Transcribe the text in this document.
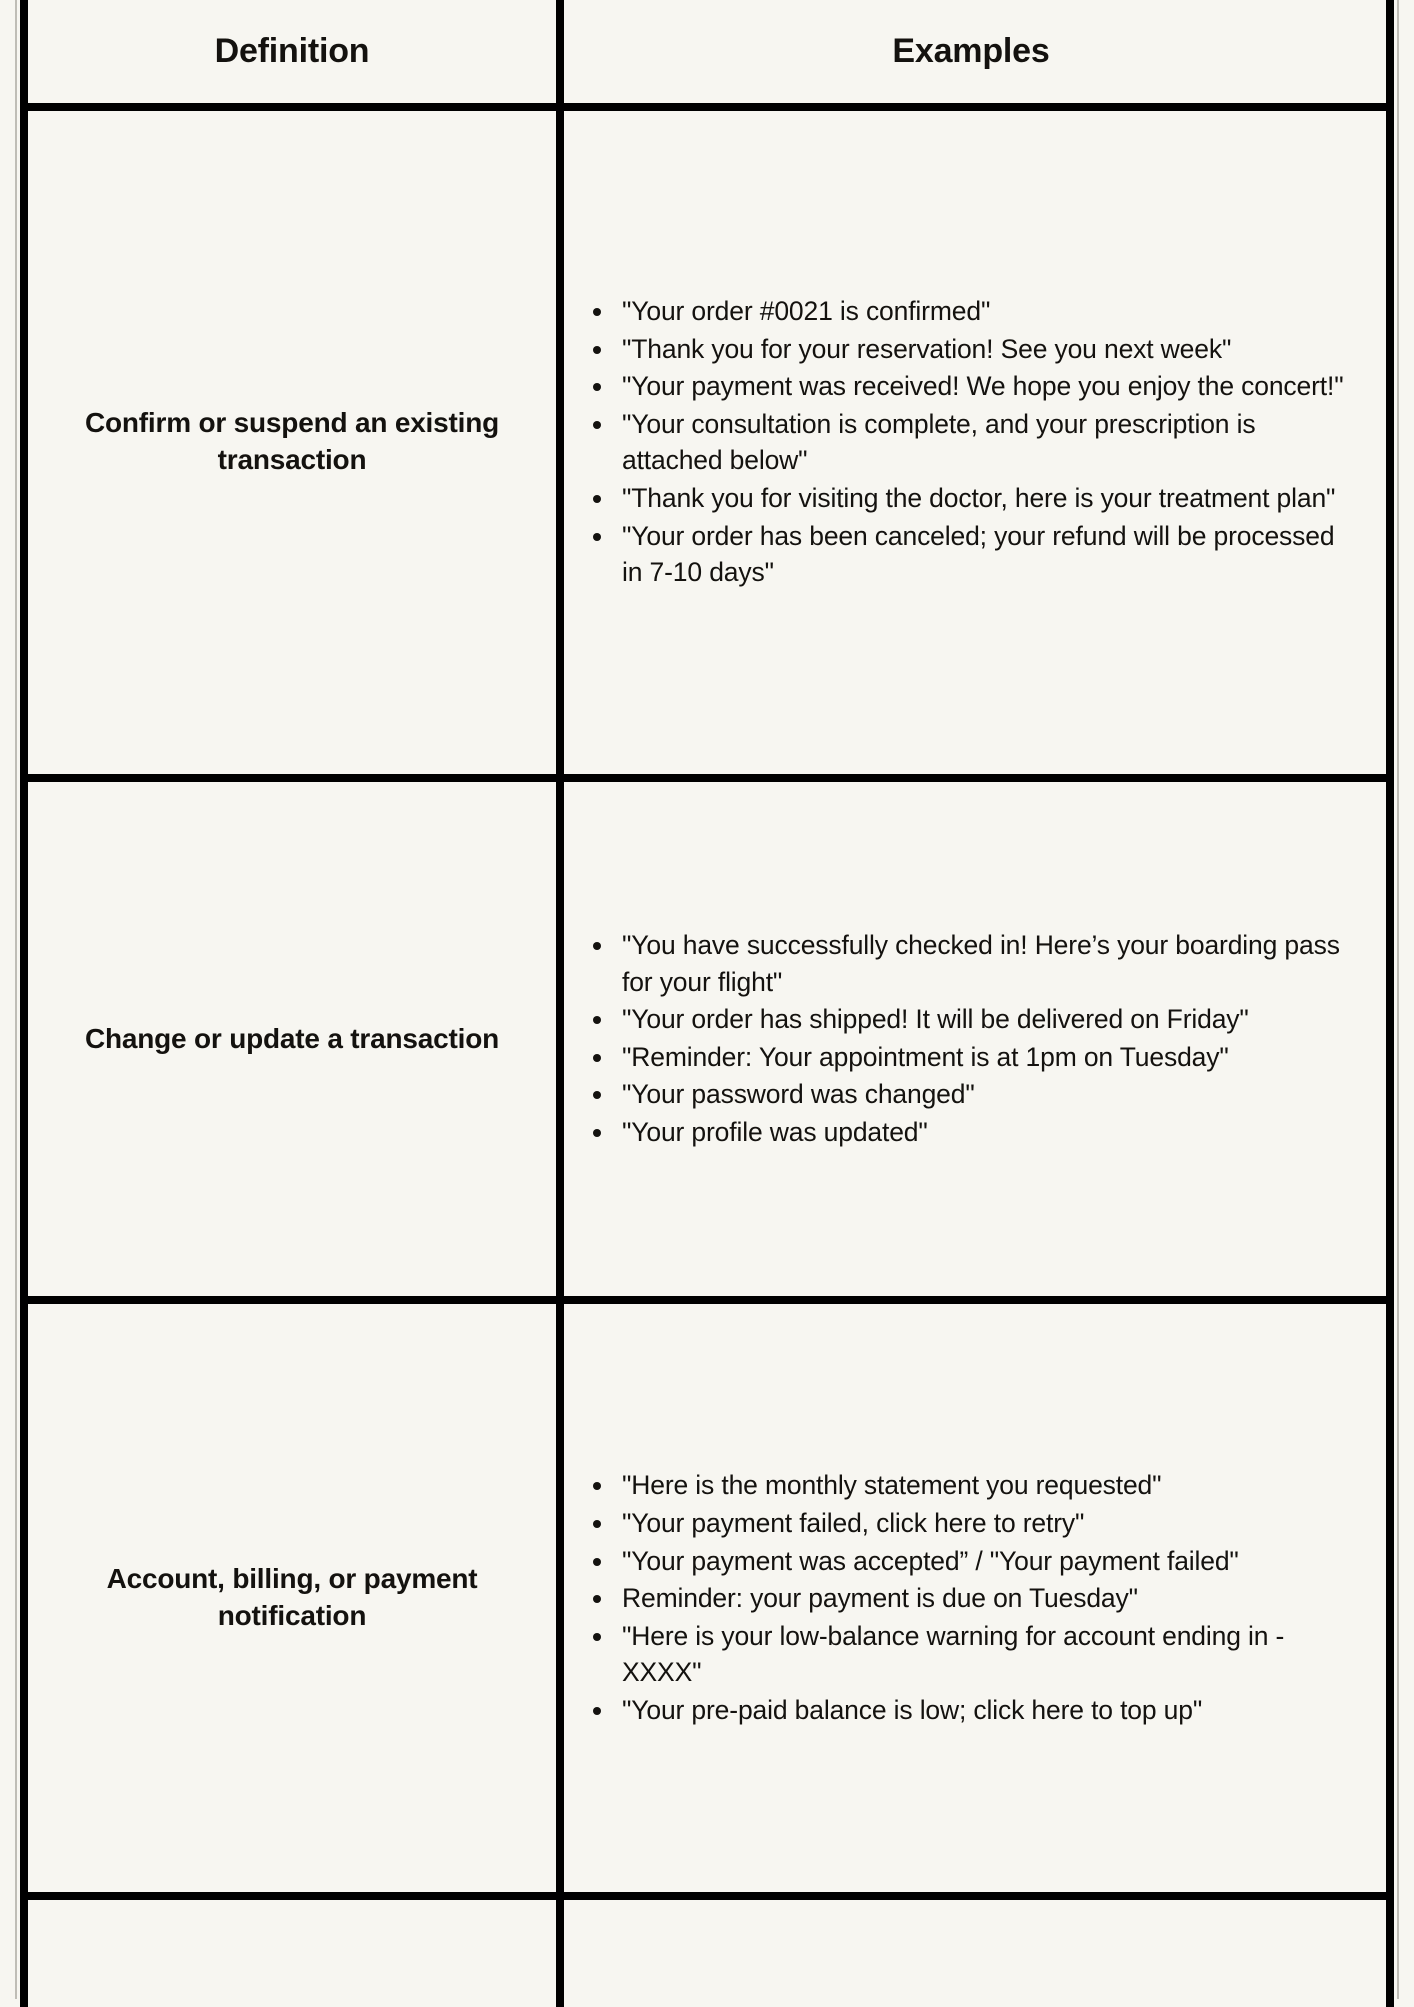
Definition	Examples
Confirm or suspend an existing transaction
• "Your order #0021 is confirmed"
• "Thank you for your reservation! See you next week"
• "Your payment was received! We hope you enjoy the concert!"
• "Your consultation is complete, and your prescription is attached below"
• "Thank you for visiting the doctor, here is your treatment plan"
• "Your order has been canceled; your refund will be processed in 7-10 days"
Change or update a transaction
• "You have successfully checked in! Here’s your boarding pass for your flight"
• "Your order has shipped! It will be delivered on Friday"
• "Reminder: Your appointment is at 1pm on Tuesday"
• "Your password was changed"
• "Your profile was updated"
Account, billing, or payment notification
• "Here is the monthly statement you requested"
• "Your payment failed, click here to retry"
• "Your payment was accepted” / "Your payment failed"
• Reminder: your payment is due on Tuesday"
• "Here is your low-balance warning for account ending in -XXXX"
• "Your pre-paid balance is low; click here to top up"
